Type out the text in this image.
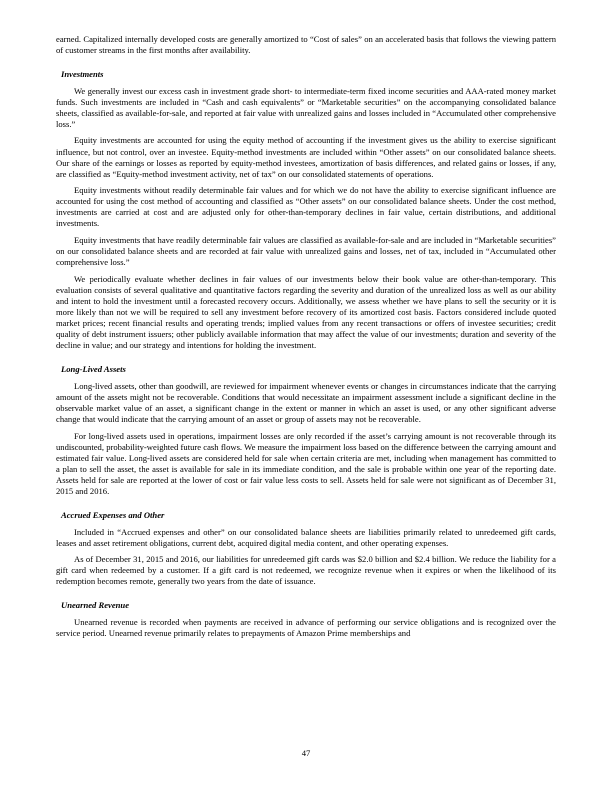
earned. Capitalized internally developed costs are generally amortized to “Cost of sales” on an accelerated basis that follows the viewing pattern of customer streams in the first months after availability.

Investments

We generally invest our excess cash in investment grade short- to intermediate-term fixed income securities and AAA-rated money market funds. Such investments are included in “Cash and cash equivalents” or “Marketable securities” on the accompanying consolidated balance sheets, classified as available-for-sale, and reported at fair value with unrealized gains and losses included in “Accumulated other comprehensive loss.”

Equity investments are accounted for using the equity method of accounting if the investment gives us the ability to exercise significant influence, but not control, over an investee. Equity-method investments are included within “Other assets” on our consolidated balance sheets. Our share of the earnings or losses as reported by equity-method investees, amortization of basis differences, and related gains or losses, if any, are classified as “Equity-method investment activity, net of tax” on our consolidated statements of operations.

Equity investments without readily determinable fair values and for which we do not have the ability to exercise significant influence are accounted for using the cost method of accounting and classified as “Other assets” on our consolidated balance sheets. Under the cost method, investments are carried at cost and are adjusted only for other-than-temporary declines in fair value, certain distributions, and additional investments.

Equity investments that have readily determinable fair values are classified as available-for-sale and are included in “Marketable securities” on our consolidated balance sheets and are recorded at fair value with unrealized gains and losses, net of tax, included in “Accumulated other comprehensive loss.”

We periodically evaluate whether declines in fair values of our investments below their book value are other-than-temporary. This evaluation consists of several qualitative and quantitative factors regarding the severity and duration of the unrealized loss as well as our ability and intent to hold the investment until a forecasted recovery occurs. Additionally, we assess whether we have plans to sell the security or it is more likely than not we will be required to sell any investment before recovery of its amortized cost basis. Factors considered include quoted market prices; recent financial results and operating trends; implied values from any recent transactions or offers of investee securities; credit quality of debt instrument issuers; other publicly available information that may affect the value of our investments; duration and severity of the decline in value; and our strategy and intentions for holding the investment.

Long-Lived Assets

Long-lived assets, other than goodwill, are reviewed for impairment whenever events or changes in circumstances indicate that the carrying amount of the assets might not be recoverable. Conditions that would necessitate an impairment assessment include a significant decline in the observable market value of an asset, a significant change in the extent or manner in which an asset is used, or any other significant adverse change that would indicate that the carrying amount of an asset or group of assets may not be recoverable.

For long-lived assets used in operations, impairment losses are only recorded if the asset’s carrying amount is not recoverable through its undiscounted, probability-weighted future cash flows. We measure the impairment loss based on the difference between the carrying amount and estimated fair value. Long-lived assets are considered held for sale when certain criteria are met, including when management has committed to a plan to sell the asset, the asset is available for sale in its immediate condition, and the sale is probable within one year of the reporting date. Assets held for sale are reported at the lower of cost or fair value less costs to sell. Assets held for sale were not significant as of December 31, 2015 and 2016.

Accrued Expenses and Other

Included in “Accrued expenses and other” on our consolidated balance sheets are liabilities primarily related to unredeemed gift cards, leases and asset retirement obligations, current debt, acquired digital media content, and other operating expenses.

As of December 31, 2015 and 2016, our liabilities for unredeemed gift cards was $2.0 billion and $2.4 billion. We reduce the liability for a gift card when redeemed by a customer. If a gift card is not redeemed, we recognize revenue when it expires or when the likelihood of its redemption becomes remote, generally two years from the date of issuance.

Unearned Revenue

Unearned revenue is recorded when payments are received in advance of performing our service obligations and is recognized over the service period. Unearned revenue primarily relates to prepayments of Amazon Prime memberships and

47
